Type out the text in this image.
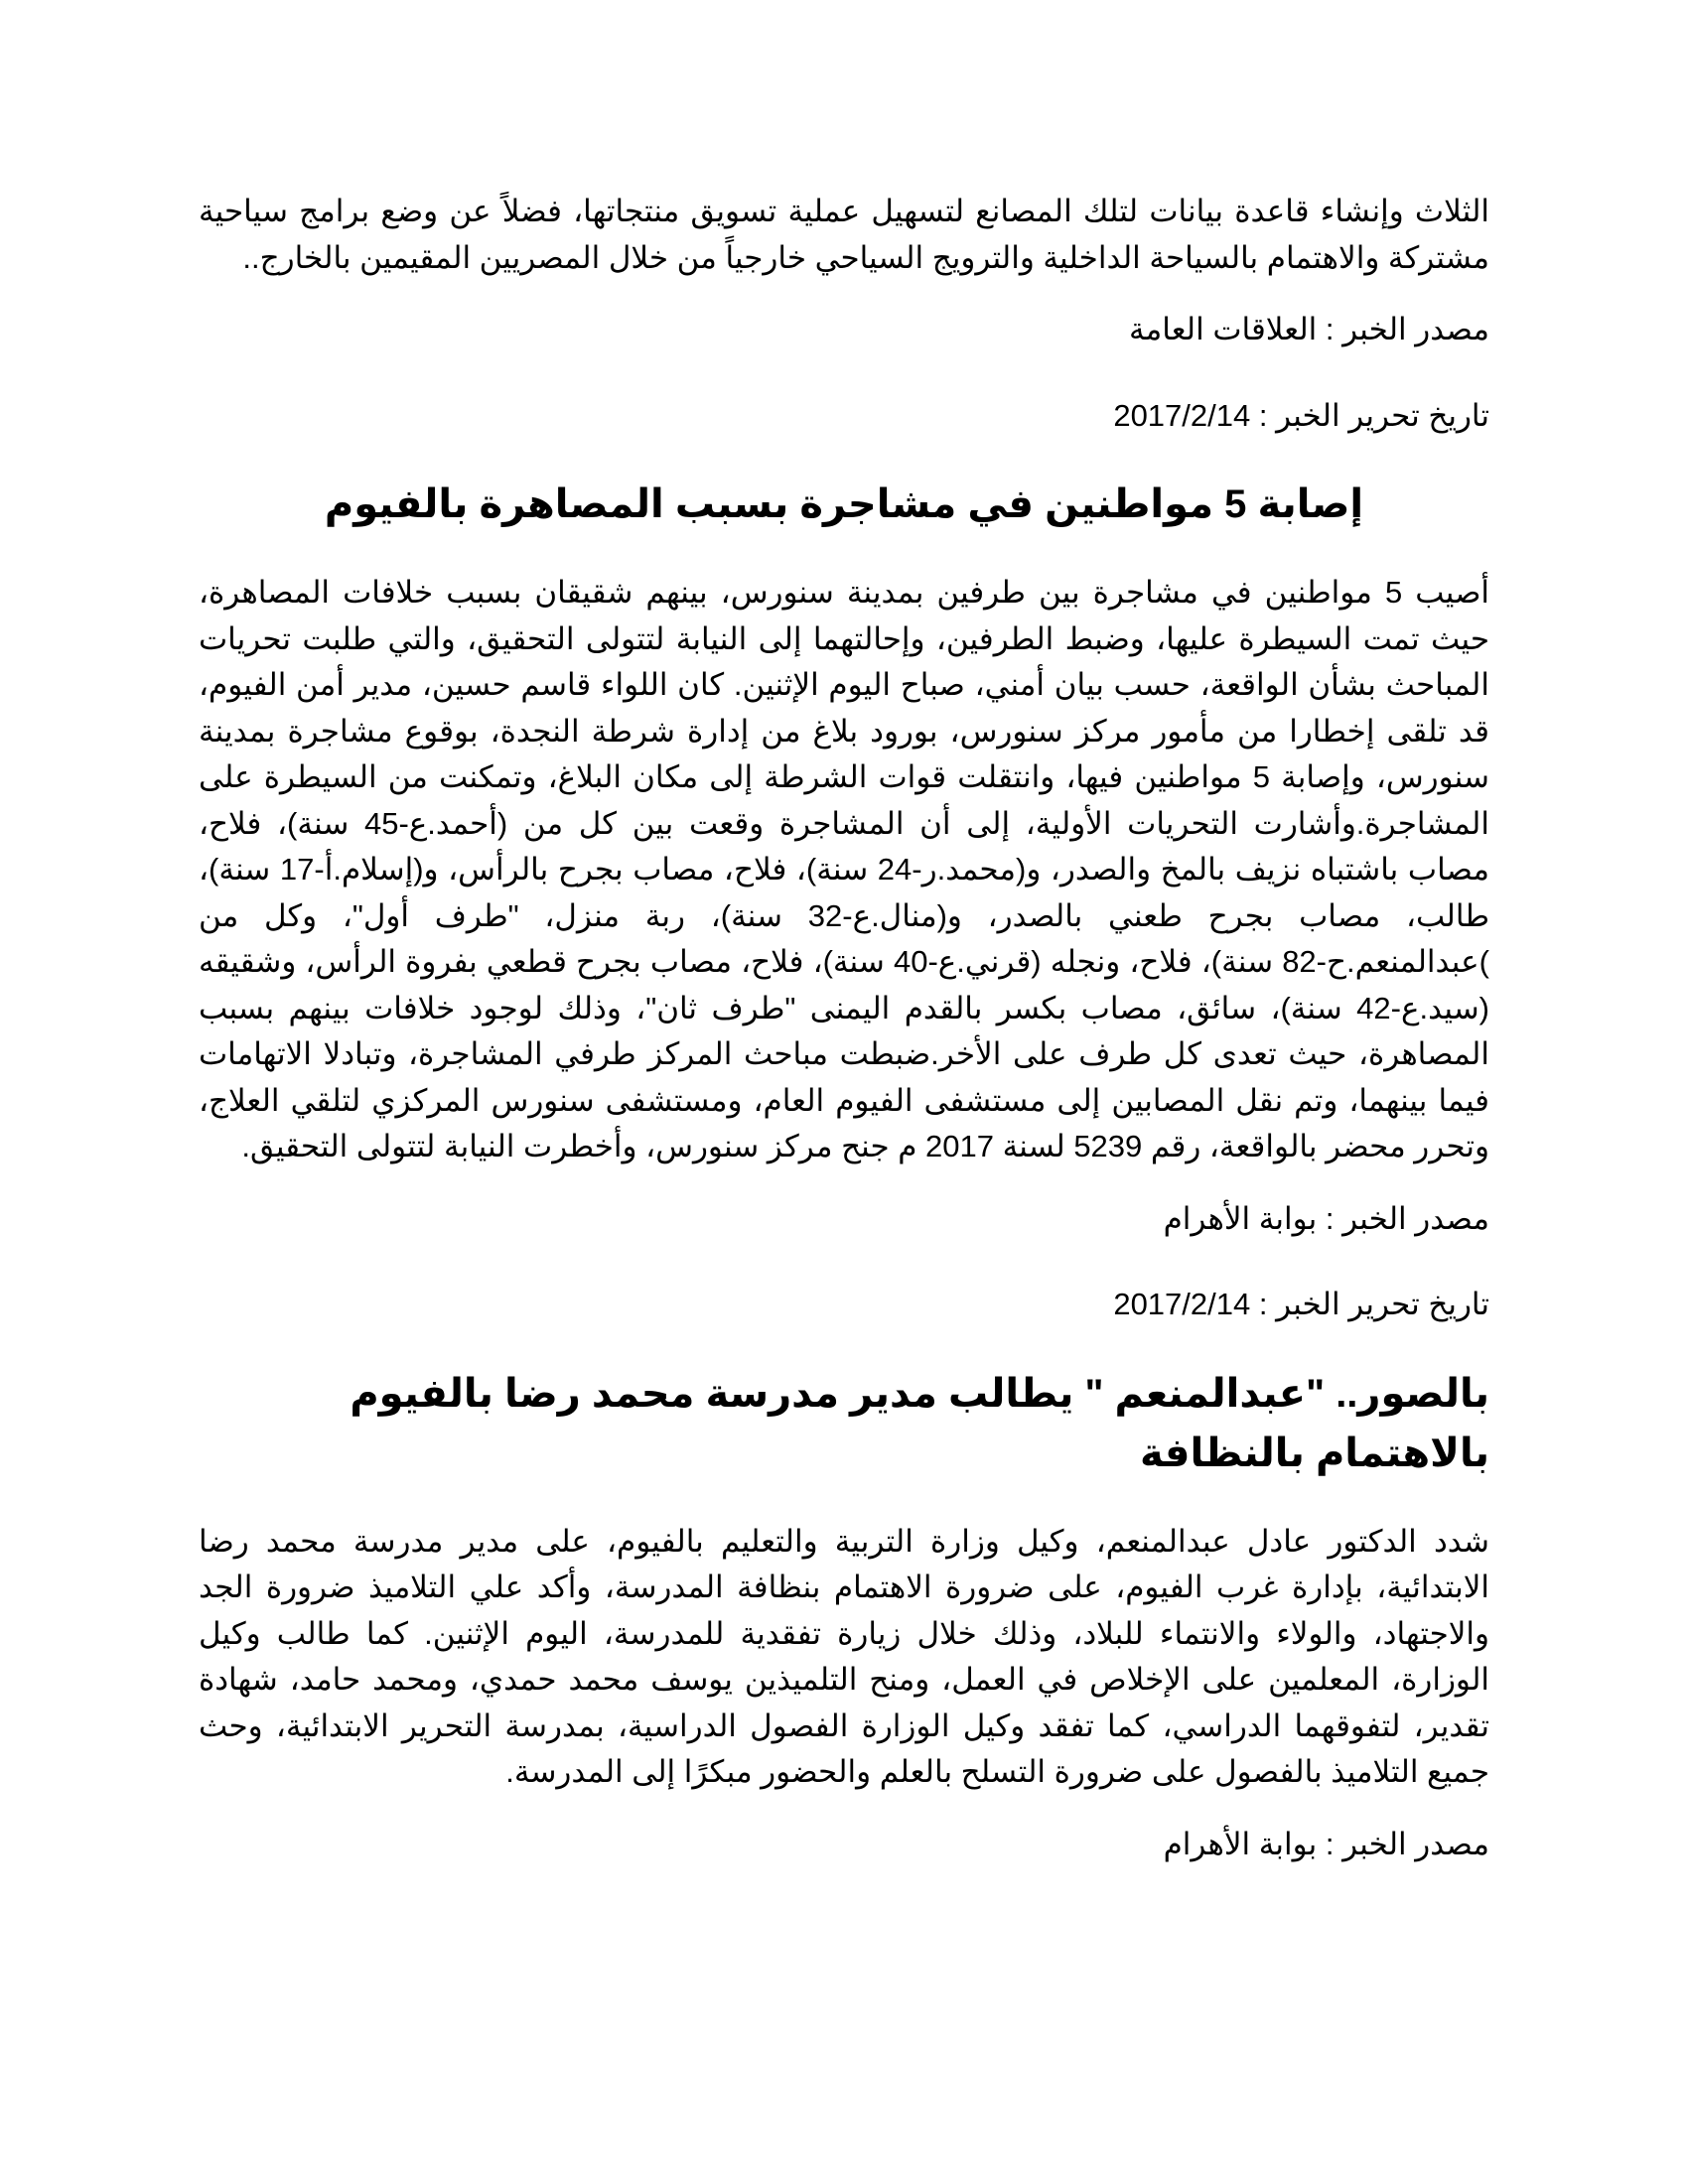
الثلاث وإنشاء قاعدة بيانات لتلك المصانع لتسهيل عملية تسويق منتجاتها، فضلاً عن وضع برامج سياحية مشتركة والاهتمام بالسياحة الداخلية والترويج السياحي خارجياً من خلال المصريين المقيمين بالخارج..

مصدر الخبر : العلاقات العامة

تاريخ تحرير الخبر : 2017/2/14

إصابة 5 مواطنين في مشاجرة بسبب المصاهرة بالفيوم

أصيب 5 مواطنين في مشاجرة بين طرفين بمدينة سنورس، بينهم شقيقان بسبب خلافات المصاهرة، حيث تمت السيطرة عليها، وضبط الطرفين، وإحالتهما إلى النيابة لتتولى التحقيق، والتي طلبت تحريات المباحث بشأن الواقعة، حسب بيان أمني، صباح اليوم الإثنين. كان اللواء قاسم حسين، مدير أمن الفيوم، قد تلقى إخطارا من مأمور مركز سنورس، بورود بلاغ من إدارة شرطة النجدة، بوقوع مشاجرة بمدينة سنورس، وإصابة 5 مواطنين فيها، وانتقلت قوات الشرطة إلى مكان البلاغ، وتمكنت من السيطرة على المشاجرة.وأشارت التحريات الأولية، إلى أن المشاجرة وقعت بين كل من (أحمد.ع-45 سنة)، فلاح، مصاب باشتباه نزيف بالمخ والصدر، و(محمد.ر-24 سنة)، فلاح، مصاب بجرح بالرأس، و(إسلام.أ-17 سنة)، طالب، مصاب بجرح طعني بالصدر، و(منال.ع-32 سنة)، ربة منزل، "طرف أول"، وكل من )عبدالمنعم.ح-82 سنة)، فلاح، ونجله (قرني.ع-40 سنة)، فلاح، مصاب بجرح قطعي بفروة الرأس، وشقيقه (سيد.ع-42 سنة)، سائق، مصاب بكسر بالقدم اليمنى "طرف ثان"، وذلك لوجود خلافات بينهم بسبب المصاهرة، حيث تعدى كل طرف على الأخر.ضبطت مباحث المركز طرفي المشاجرة، وتبادلا الاتهامات فيما بينهما، وتم نقل المصابين إلى مستشفى الفيوم العام، ومستشفى سنورس المركزي لتلقي العلاج، وتحرر محضر بالواقعة، رقم 5239 لسنة 2017 م جنح مركز سنورس، وأخطرت النيابة لتتولى التحقيق.

مصدر الخبر : بوابة الأهرام

تاريخ تحرير الخبر : 2017/2/14

بالصور.. "عبدالمنعم " يطالب مدير مدرسة محمد رضا بالفيوم بالاهتمام بالنظافة

شدد الدكتور عادل عبدالمنعم، وكيل وزارة التربية والتعليم بالفيوم، على مدير مدرسة محمد رضا الابتدائية، بإدارة غرب الفيوم، على ضرورة الاهتمام بنظافة المدرسة، وأكد علي التلاميذ ضرورة الجد والاجتهاد، والولاء والانتماء للبلاد، وذلك خلال زيارة تفقدية للمدرسة، اليوم الإثنين. كما طالب وكيل الوزارة، المعلمين على الإخلاص في العمل، ومنح التلميذين يوسف محمد حمدي، ومحمد حامد، شهادة تقدير، لتفوقهما الدراسي، كما تفقد وكيل الوزارة الفصول الدراسية، بمدرسة التحرير الابتدائية، وحث جميع التلاميذ بالفصول على ضرورة التسلح بالعلم والحضور مبكرًا إلى المدرسة.

مصدر الخبر : بوابة الأهرام
